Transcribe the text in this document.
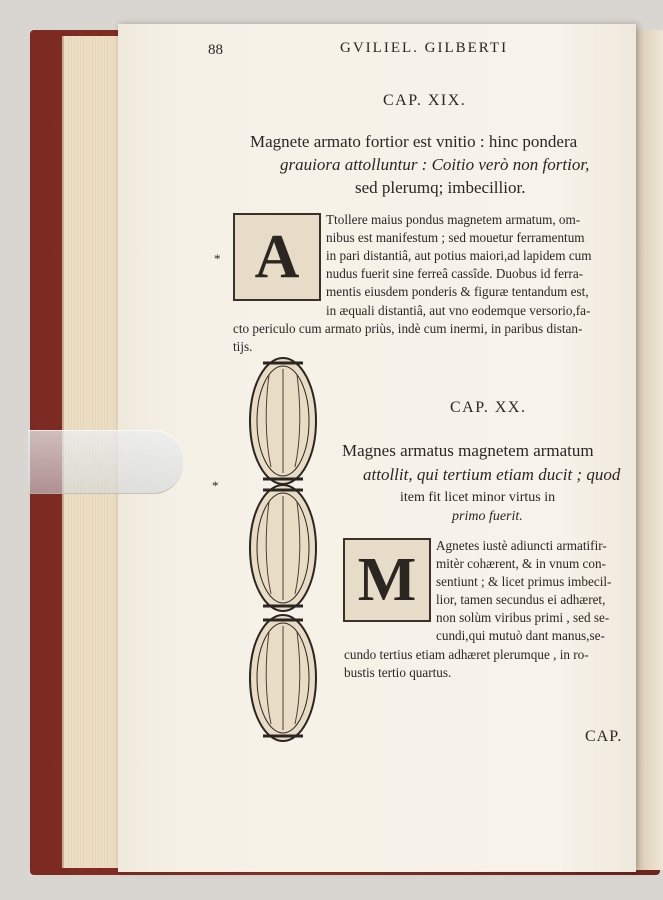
88	GVILIEL. GILBERTI
CAP. XIX.
Magnete armato fortior est vnitio : hinc pondera
grauiora attolluntur : Coitio verò non fortior,
sed plerumq; imbecillior.
A
*
Ttollere maius pondus magnetem armatum, om-
nibus est manifestum ; sed mouetur ferramentum
in pari distantiâ, aut potius maiori,ad lapidem cum
nudus fuerit sine ferreâ cassîde. Duobus id ferra-
mentis eiusdem ponderis & figuræ tentandum est,
in æquali distantiâ, aut vno eodemque versorio,fa-
cto periculo cum armato priùs, indè cum inermi, in paribus distan-
tijs.
CAP. XX.
Magnes armatus magnetem armatum
attollit, qui tertium etiam ducit ; quod
item fit licet minor virtus in
primo fuerit.
*
M Agnetes iustè adiuncti armatifir-
mitèr cohærent, & in vnum con-
sentiunt ; & licet primus imbecil-
lior, tamen secundus ei adhæret,
non solùm viribus primi , sed se-
cundi,qui mutuò dant manus,se-
cundo tertius etiam adhæret plerumque , in ro-
bustis tertio quartus.
CAP.
